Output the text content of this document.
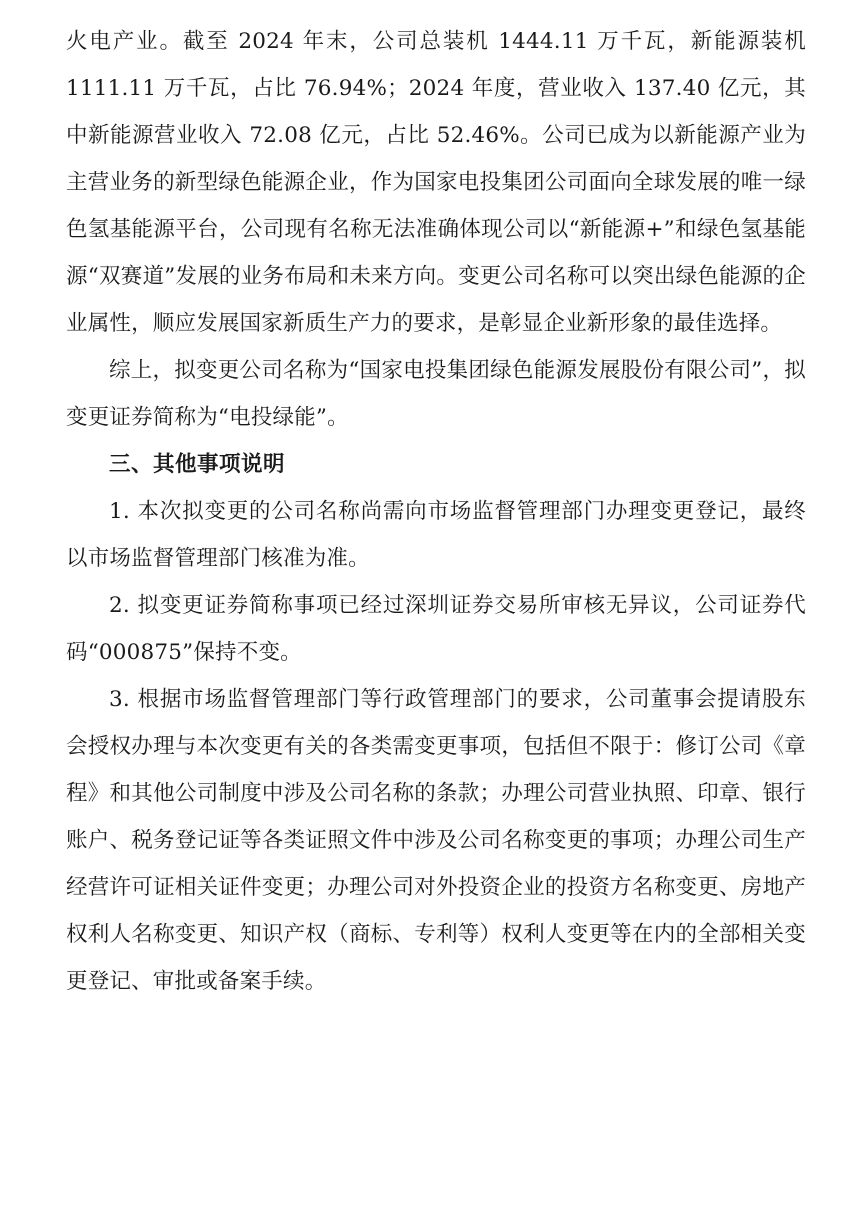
火电产业。截至 2024 年末，公司总装机 1444.11 万千瓦，新能源装机 1111.11 万千瓦，占比 76.94%；2024 年度，营业收入 137.40 亿元，其中新能源营业收入 72.08 亿元，占比 52.46%。公司已成为以新能源产业为主营业务的新型绿色能源企业，作为国家电投集团公司面向全球发展的唯一绿色氢基能源平台，公司现有名称无法准确体现公司以“新能源+”和绿色氢基能源“双赛道”发展的业务布局和未来方向。变更公司名称可以突出绿色能源的企业属性，顺应发展国家新质生产力的要求，是彰显企业新形象的最佳选择。

综上，拟变更公司名称为“国家电投集团绿色能源发展股份有限公司”，拟变更证券简称为“电投绿能”。

三、其他事项说明

1. 本次拟变更的公司名称尚需向市场监督管理部门办理变更登记，最终以市场监督管理部门核准为准。

2. 拟变更证券简称事项已经过深圳证券交易所审核无异议，公司证券代码“000875”保持不变。

3. 根据市场监督管理部门等行政管理部门的要求，公司董事会提请股东会授权办理与本次变更有关的各类需变更事项，包括但不限于：修订公司《章程》和其他公司制度中涉及公司名称的条款；办理公司营业执照、印章、银行账户、税务登记证等各类证照文件中涉及公司名称变更的事项；办理公司生产经营许可证相关证件变更；办理公司对外投资企业的投资方名称变更、房地产权利人名称变更、知识产权（商标、专利等）权利人变更等在内的全部相关变更登记、审批或备案手续。
